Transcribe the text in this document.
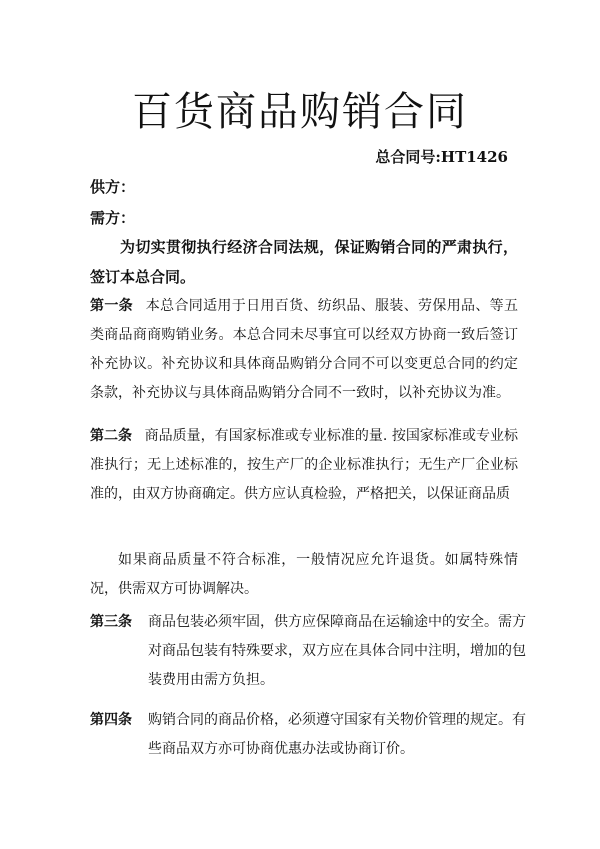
百货商品购销合同
总合同号:HT1426
供方：
需方：
为切实贯彻执行经济合同法规，保证购销合同的严肃执行，签订本总合同。
第一条 本总合同适用于日用百货、纺织品、服装、劳保用品、等五类商品商商购销业务。本总合同未尽事宜可以经双方协商一致后签订补充协议。补充协议和具体商品购销分合同不可以变更总合同的约定条款，补充协议与具体商品购销分合同不一致时，以补充协议为准。
第二条 商品质量，有国家标准或专业标准的量. 按国家标准或专业标准执行；无上述标准的，按生产厂的企业标准执行；无生产厂企业标准的，由双方协商确定。供方应认真检验，严格把关，以保证商品质
如果商品质量不符合标准，一般情况应允许退货。如属特殊情况，供需双方可协调解决。
第三条 商品包装必须牢固，供方应保障商品在运输途中的安全。需方对商品包装有特殊要求，双方应在具体合同中注明，增加的包装费用由需方负担。
第四条 购销合同的商品价格，必须遵守国家有关物价管理的规定。有些商品双方亦可协商优惠办法或协商订价。
